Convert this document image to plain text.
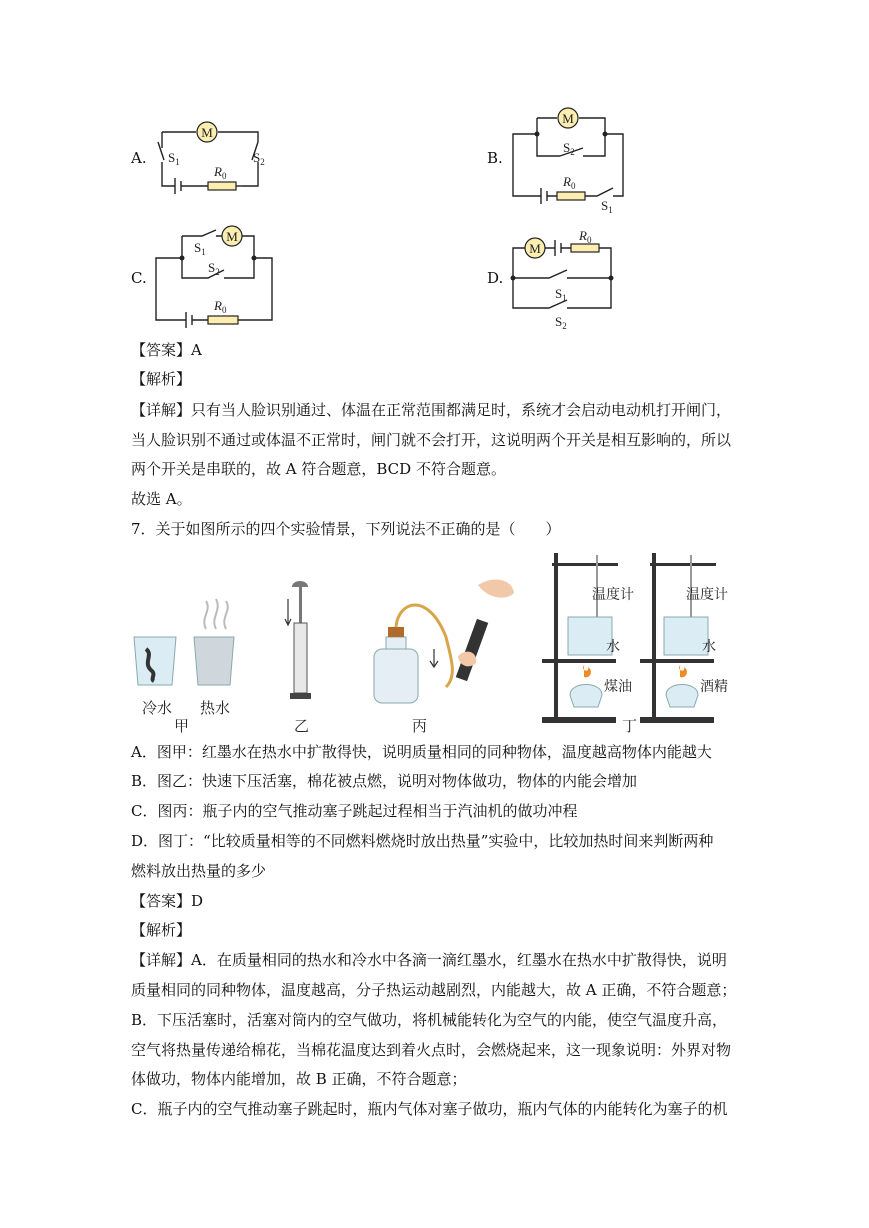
A.
M
$S_1$	$S_2$
$R_0$
B.
M
$S_2$
$R_0$
$S_1$
C.
M
$S_1$
$S_2$
$R_0$
D.
M
$R_0$
$S_1$
$S_2$
【答案】A
【解析】
【详解】只有当人脸识别通过、体温在正常范围都满足时，系统才会启动电动机打开闸门，
当人脸识别不通过或体温不正常时，闸门就不会打开，这说明两个开关是相互影响的，所以
两个开关是串联的，故 A 符合题意，BCD 不符合题意。
故选 A。
7．关于如图所示的四个实验情景，下列说法不正确的是（　　）
冷水 热水
甲	乙	丙
温度计
水
煤油
温度计
水
酒精
丁
A．图甲：红墨水在热水中扩散得快，说明质量相同的同种物体，温度越高物体内能越大
B．图乙：快速下压活塞，棉花被点燃，说明对物体做功，物体的内能会增加
C．图丙：瓶子内的空气推动塞子跳起过程相当于汽油机的做功冲程
D．图丁：“比较质量相等的不同燃料燃烧时放出热量”实验中，比较加热时间来判断两种
燃料放出热量的多少
【答案】D
【解析】
【详解】A．在质量相同的热水和冷水中各滴一滴红墨水，红墨水在热水中扩散得快，说明
质量相同的同种物体，温度越高，分子热运动越剧烈，内能越大，故 A 正确，不符合题意；
B．下压活塞时，活塞对筒内的空气做功，将机械能转化为空气的内能，使空气温度升高，
空气将热量传递给棉花，当棉花温度达到着火点时，会燃烧起来，这一现象说明：外界对物
体做功，物体内能增加，故 B 正确，不符合题意；
C．瓶子内的空气推动塞子跳起时，瓶内气体对塞子做功，瓶内气体的内能转化为塞子的机
